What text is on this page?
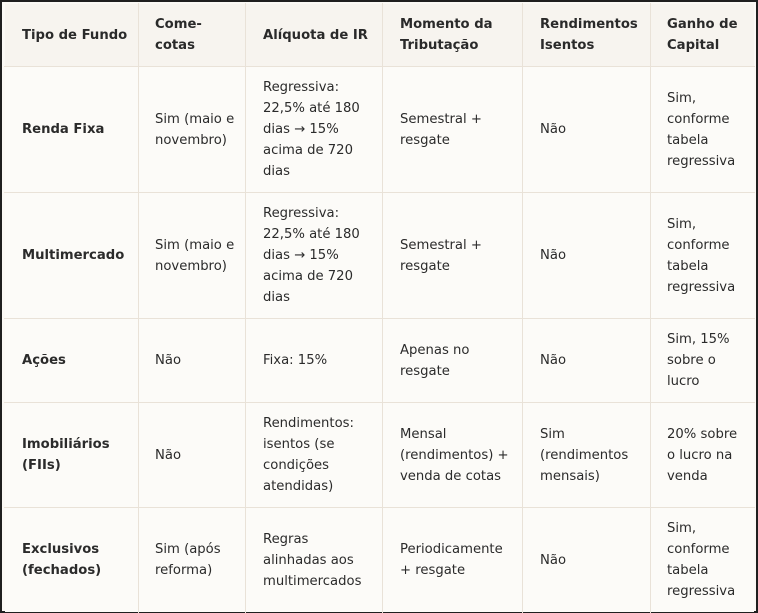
Tipo de Fundo	Come-cotas	Alíquota de IR	Momento da Tributação	Rendimentos Isentos	Ganho de Capital
Renda Fixa	Sim (maio e novembro)	Regressiva: 22,5% até 180 dias → 15% acima de 720 dias	Semestral + resgate	Não	Sim, conforme tabela regressiva
Multimercado	Sim (maio e novembro)	Regressiva: 22,5% até 180 dias → 15% acima de 720 dias	Semestral + resgate	Não	Sim, conforme tabela regressiva
Ações	Não	Fixa: 15%	Apenas no resgate	Não	Sim, 15% sobre o lucro
Imobiliários (FIIs)	Não	Rendimentos: isentos (se condições atendidas)	Mensal (rendimentos) + venda de cotas	Sim (rendimentos mensais)	20% sobre o lucro na venda
Exclusivos (fechados)	Sim (após reforma)	Regras alinhadas aos multimercados	Periodicamente + resgate	Não	Sim, conforme tabela regressiva
